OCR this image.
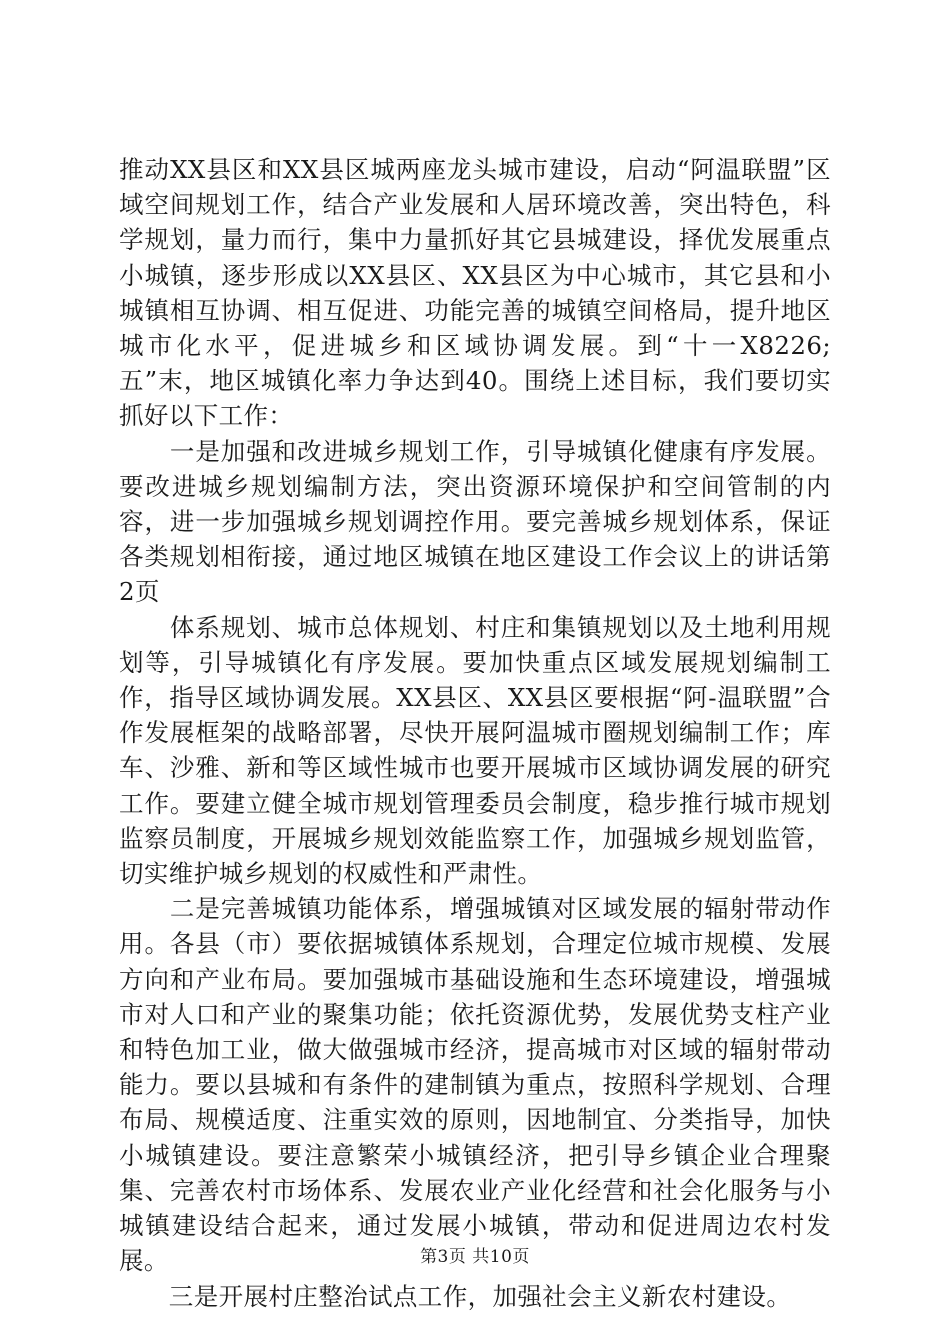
推动XX县区和XX县区城两座龙头城市建设，启动“阿温联盟”区域空间规划工作，结合产业发展和人居环境改善，突出特色，科学规划，量力而行，集中力量抓好其它县城建设，择优发展重点小城镇，逐步形成以XX县区、XX县区为中心城市，其它县和小城镇相互协调、相互促进、功能完善的城镇空间格局，提升地区城市化水平，促进城乡和区域协调发展。到“十一X8226;五”末，地区城镇化率力争达到40。围绕上述目标，我们要切实抓好以下工作：

　　一是加强和改进城乡规划工作，引导城镇化健康有序发展。要改进城乡规划编制方法，突出资源环境保护和空间管制的内容，进一步加强城乡规划调控作用。要完善城乡规划体系，保证各类规划相衔接，通过地区城镇在地区建设工作会议上的讲话第2页

　　体系规划、城市总体规划、村庄和集镇规划以及土地利用规划等，引导城镇化有序发展。要加快重点区域发展规划编制工作，指导区域协调发展。XX县区、XX县区要根据“阿-温联盟”合作发展框架的战略部署，尽快开展阿温城市圈规划编制工作；库车、沙雅、新和等区域性城市也要开展城市区域协调发展的研究工作。要建立健全城市规划管理委员会制度，稳步推行城市规划监察员制度，开展城乡规划效能监察工作，加强城乡规划监管，切实维护城乡规划的权威性和严肃性。

　　二是完善城镇功能体系，增强城镇对区域发展的辐射带动作用。各县（市）要依据城镇体系规划，合理定位城市规模、发展方向和产业布局。要加强城市基础设施和生态环境建设，增强城市对人口和产业的聚集功能；依托资源优势，发展优势支柱产业和特色加工业，做大做强城市经济，提高城市对区域的辐射带动能力。要以县城和有条件的建制镇为重点，按照科学规划、合理布局、规模适度、注重实效的原则，因地制宜、分类指导，加快小城镇建设。要注意繁荣小城镇经济，把引导乡镇企业合理聚集、完善农村市场体系、发展农业产业化经营和社会化服务与小城镇建设结合起来，通过发展小城镇，带动和促进周边农村发展。

　　三是开展村庄整治试点工作，加强社会主义新农村建设。

第3页 共10页
